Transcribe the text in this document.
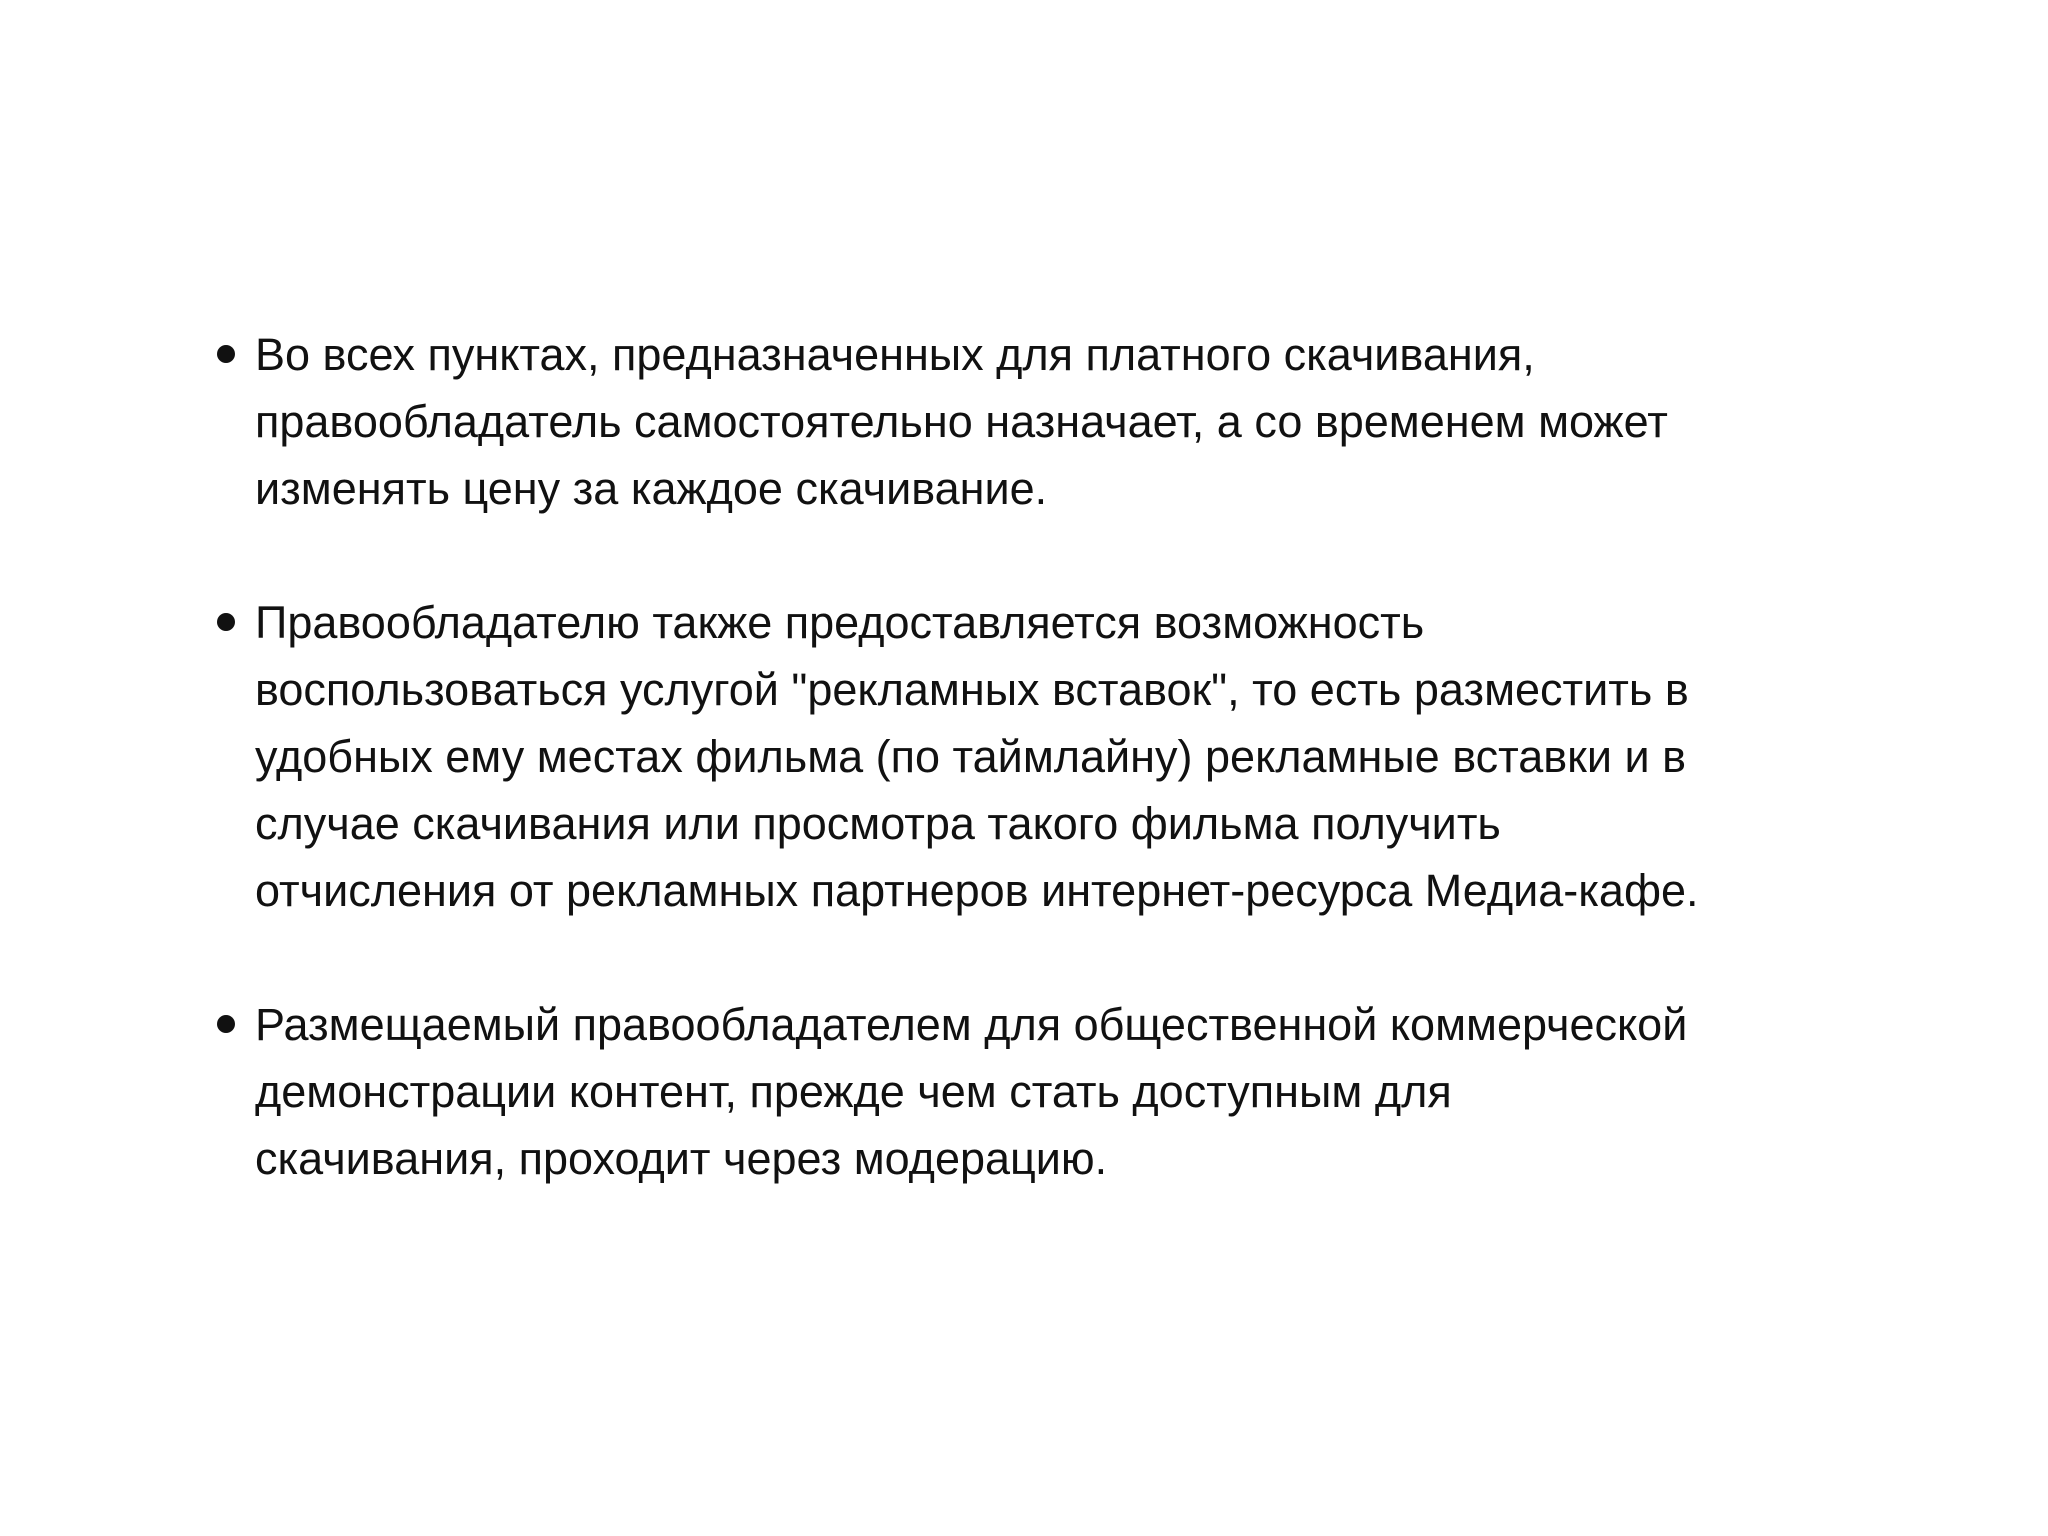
Во всех пунктах, предназначенных для платного скачивания,
правообладатель самостоятельно назначает, а со временем может
изменять цену за каждое скачивание.
Правообладателю также предоставляется возможность
воспользоваться услугой "рекламных вставок", то есть разместить в
удобных ему местах фильма (по таймлайну) рекламные вставки и в
случае скачивания или просмотра такого фильма получить
отчисления от рекламных партнеров интернет-ресурса Медиа-кафе.
Размещаемый правообладателем для общественной коммерческой
демонстрации контент, прежде чем стать доступным для
скачивания, проходит через модерацию.
